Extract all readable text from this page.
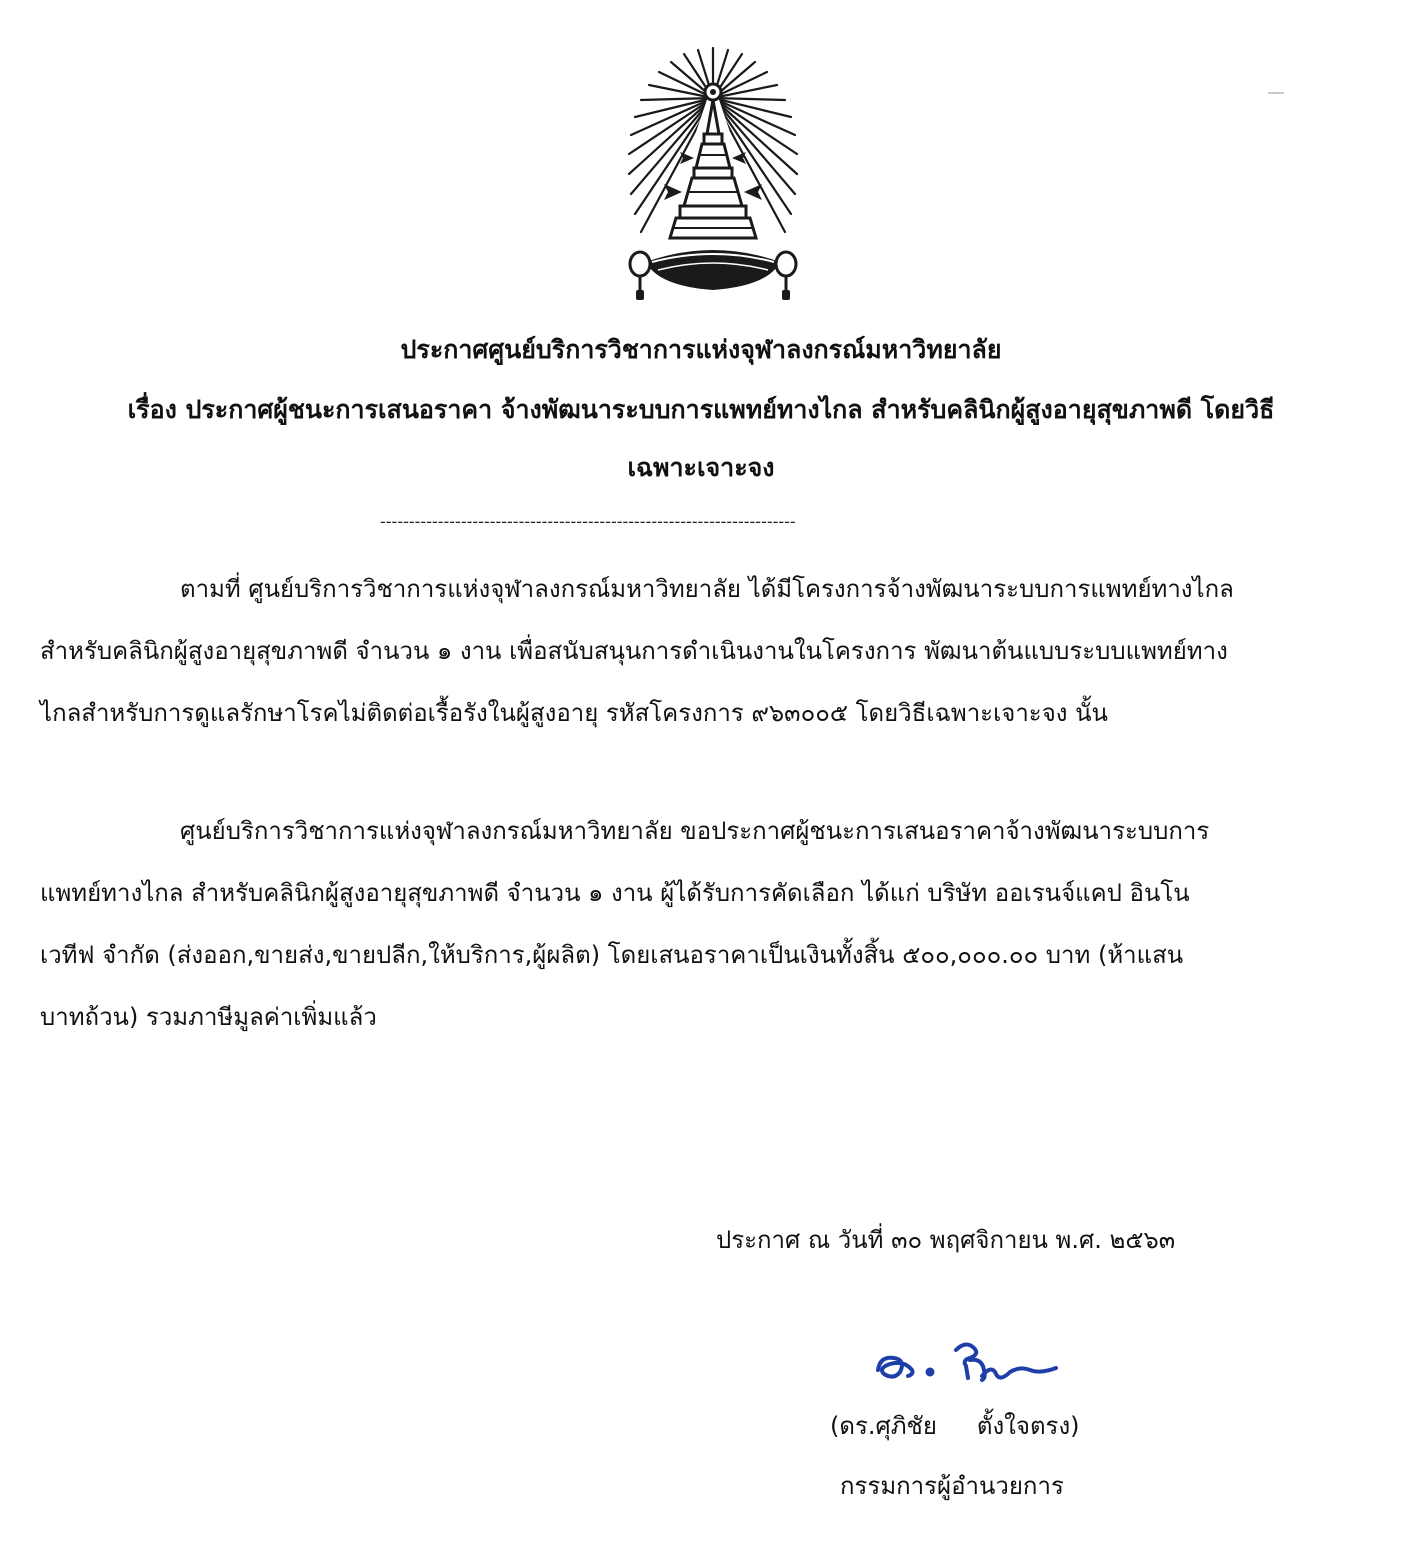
ประกาศศูนย์บริการวิชาการแห่งจุฬาลงกรณ์มหาวิทยาลัย
เรื่อง ประกาศผู้ชนะการเสนอราคา จ้างพัฒนาระบบการแพทย์ทางไกล สำหรับคลินิกผู้สูงอายุสุขภาพดี โดยวิธี
เฉพาะเจาะจง
------------------------------------------------------------------------
ตามที่ ศูนย์บริการวิชาการแห่งจุฬาลงกรณ์มหาวิทยาลัย ได้มีโครงการจ้างพัฒนาระบบการแพทย์ทางไกล
สำหรับคลินิกผู้สูงอายุสุขภาพดี จำนวน ๑ งาน เพื่อสนับสนุนการดำเนินงานในโครงการ พัฒนาต้นแบบระบบแพทย์ทาง
ไกลสำหรับการดูแลรักษาโรคไม่ติดต่อเรื้อรังในผู้สูงอายุ รหัสโครงการ ๙๖๓๐๐๕ โดยวิธีเฉพาะเจาะจง นั้น
ศูนย์บริการวิชาการแห่งจุฬาลงกรณ์มหาวิทยาลัย ขอประกาศผู้ชนะการเสนอราคาจ้างพัฒนาระบบการ
แพทย์ทางไกล สำหรับคลินิกผู้สูงอายุสุขภาพดี จำนวน ๑ งาน ผู้ได้รับการคัดเลือก ได้แก่ บริษัท ออเรนจ์แคป อินโน
เวทีฟ จำกัด (ส่งออก,ขายส่ง,ขายปลีก,ให้บริการ,ผู้ผลิต) โดยเสนอราคาเป็นเงินทั้งสิ้น ๕๐๐,๐๐๐.๐๐ บาท (ห้าแสน
บาทถ้วน) รวมภาษีมูลค่าเพิ่มแล้ว
ประกาศ ณ วันที่ ๓๐ พฤศจิกายน พ.ศ. ๒๕๖๓
(ดร.ศุภิชัย ตั้งใจตรง)
กรรมการผู้อำนวยการ
